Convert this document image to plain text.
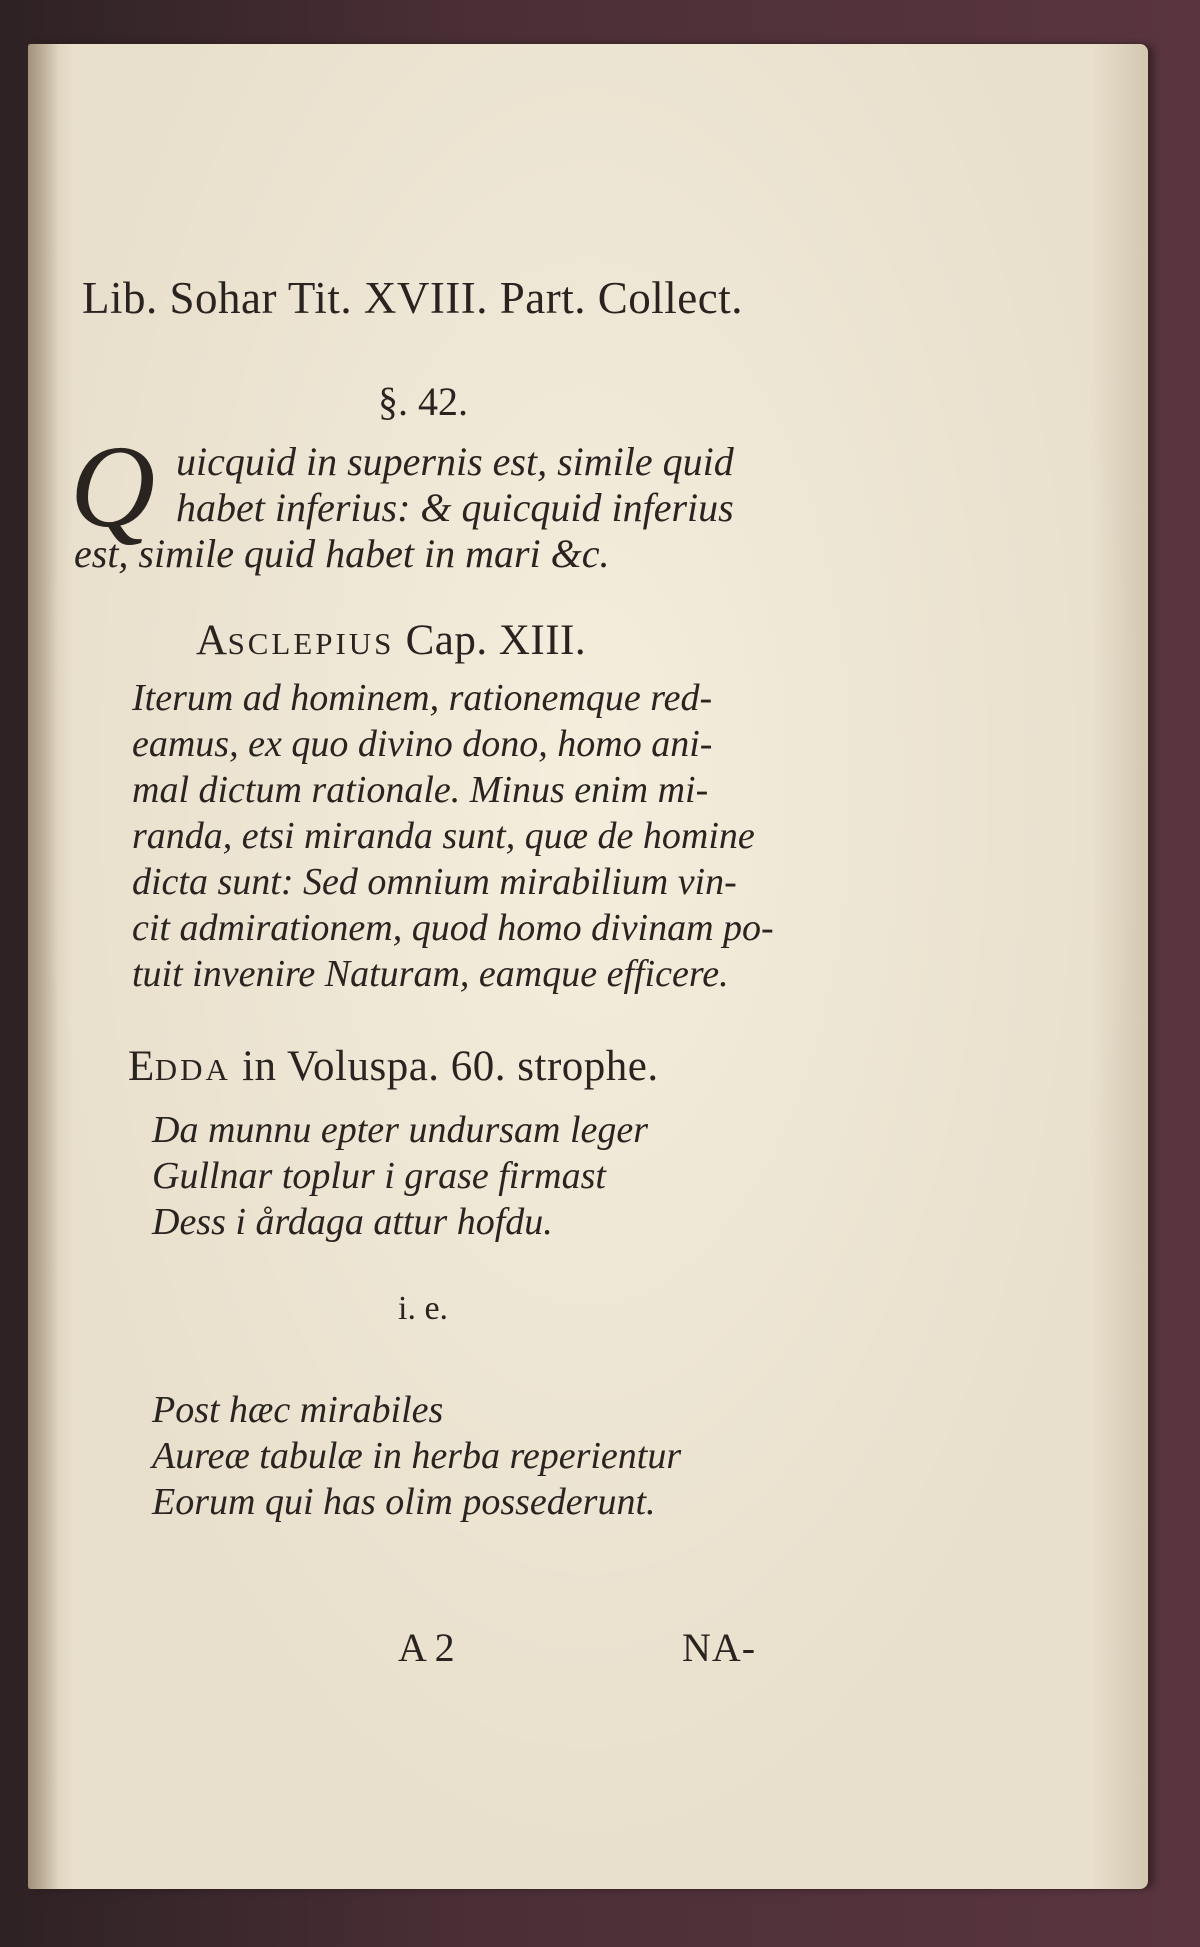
Lib. Sohar Tit. XVIII. Part. Collect.
§. 42.
Q uicquid in supernis est, simile quid
habet inferius: & quicquid inferius
est, simile quid habet in mari &c.
ASCLEPIUS Cap. XIII.
Iterum ad hominem, rationemque red-
eamus, ex quo divino dono, homo ani-
mal dictum rationale. Minus enim mi-
randa, etsi miranda sunt, quæ de homine
dicta sunt: Sed omnium mirabilium vin-
cit admirationem, quod homo divinam po-
tuit invenire Naturam, eamque efficere.
EDDA in Voluspa. 60. strophe.
Da munnu epter undursam leger
Gullnar toplur i grase firmast
Dess i årdaga attur hofdu.
i. e.
Post hæc mirabiles
Aureæ tabulæ in herba reperientur
Eorum qui has olim possederunt.
A 2	NA-
